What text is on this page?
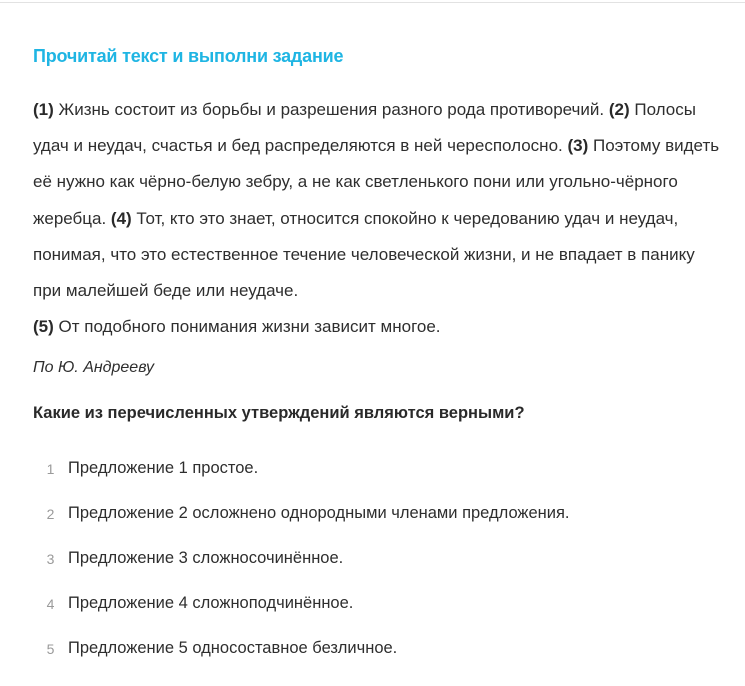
Прочитай текст и выполни задание
(1) Жизнь состоит из борьбы и разрешения разного рода противоречий. (2) Полосы удач и неудач, счастья и бед распределяются в ней чересполосно. (3) Поэтому видеть её нужно как чёрно-белую зебру, а не как светленького пони или угольно-чёрного жеребца. (4) Тот, кто это знает, относится спокойно к чередованию удач и неудач, понимая, что это естественное течение человеческой жизни, и не впадает в панику при малейшей беде или неудаче.
(5) От подобного понимания жизни зависит многое.
По Ю. Андрееву
Какие из перечисленных утверждений являются верными?
1 Предложение 1 простое.
2 Предложение 2 осложнено однородными членами предложения.
3 Предложение 3 сложносочинённое.
4 Предложение 4 сложноподчинённое.
5 Предложение 5 односоставное безличное.
